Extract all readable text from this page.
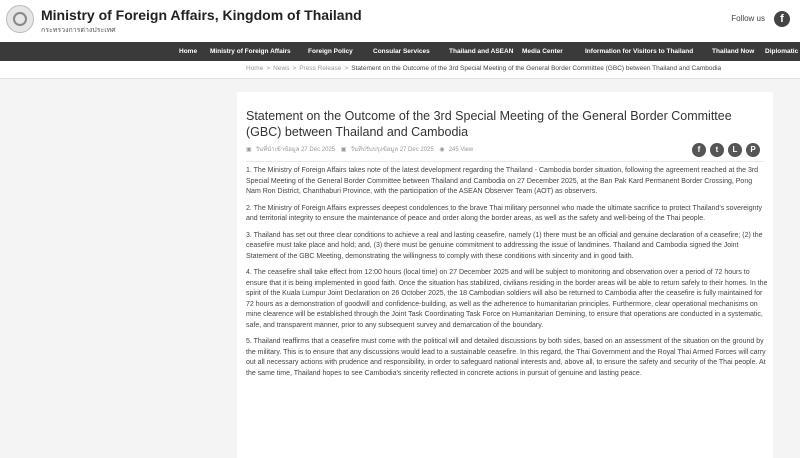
Ministry of Foreign Affairs, Kingdom of Thailand
กระทรวงการต่างประเทศ
Follow us	f
Home Ministry of Foreign Affairs	Foreign Policy	Consular Services	Thailand and ASEAN Media Center	Information for Visitors to Thailand	Thailand Now Diplomatic
Home > News > Press Release > Statement on the Outcome of the 3rd Special Meeting of the General Border Committee (GBC) between Thailand and Cambodia
Statement on the Outcome of the 3rd Special Meeting of the General Border Committee (GBC) between Thailand and Cambodia
▣ วันที่นำเข้าข้อมูล 27 Dec 2025 ▣ วันที่ปรับปรุงข้อมูล 27 Dec 2025 ◉ 245 View	f	t	L	P

1. The Ministry of Foreign Affairs takes note of the latest development regarding the Thailand - Cambodia border situation, following the agreement reached at the 3rd Special Meeting of the General Border Committee between Thailand and Cambodia on 27 December 2025, at the Ban Pak Kard Permanent Border Crossing, Pong Nam Ron District, Chanthaburi Province, with the participation of the ASEAN Observer Team (AOT) as observers.

2. The Ministry of Foreign Affairs expresses deepest condolences to the brave Thai military personnel who made the ultimate sacrifice to protect Thailand's sovereignty and territorial integrity to ensure the maintenance of peace and order along the border areas, as well as the safety and well-being of the Thai people.

3. Thailand has set out three clear conditions to achieve a real and lasting ceasefire, namely (1) there must be an official and genuine declaration of a ceasefire; (2) the ceasefire must take place and hold; and, (3) there must be genuine commitment to addressing the issue of landmines. Thailand and Cambodia signed the Joint Statement of the GBC Meeting, demonstrating the willingness to comply with these conditions with sincerity and in good faith.

4. The ceasefire shall take effect from 12:00 hours (local time) on 27 December 2025 and will be subject to monitoring and observation over a period of 72 hours to ensure that it is being implemented in good faith. Once the situation has stabilized, civilians residing in the border areas will be able to return safely to their homes. In the spirit of the Kuala Lumpur Joint Declaration on 26 October 2025, the 18 Cambodian soldiers will also be returned to Cambodia after the ceasefire is fully maintained for 72 hours as a demonstration of goodwill and confidence-building, as well as the adherence to humanitarian principles. Furthermore, clear operational mechanisms on mine clearence will be established through the Joint Task Coordinating Task Force on Humanitarian Demining, to ensure that operations are conducted in a systematic, safe, and transparent manner, prior to any subsequent survey and demarcation of the boundary.

5. Thailand reaffirms that a ceasefire must come with the political will and detailed discussions by both sides, based on an assessment of the situation on the ground by the military. This is to ensure that any discussions would lead to a sustainable ceasefire. In this regard, the Thai Government and the Royal Thai Armed Forces will carry out all necessary actions with prudence and responsibility, in order to safeguard national interests and, above all, to ensure the safety and security of the Thai people. At the same time, Thailand hopes to see Cambodia's sincerity reflected in concrete actions in pursuit of genuine and lasting peace.
